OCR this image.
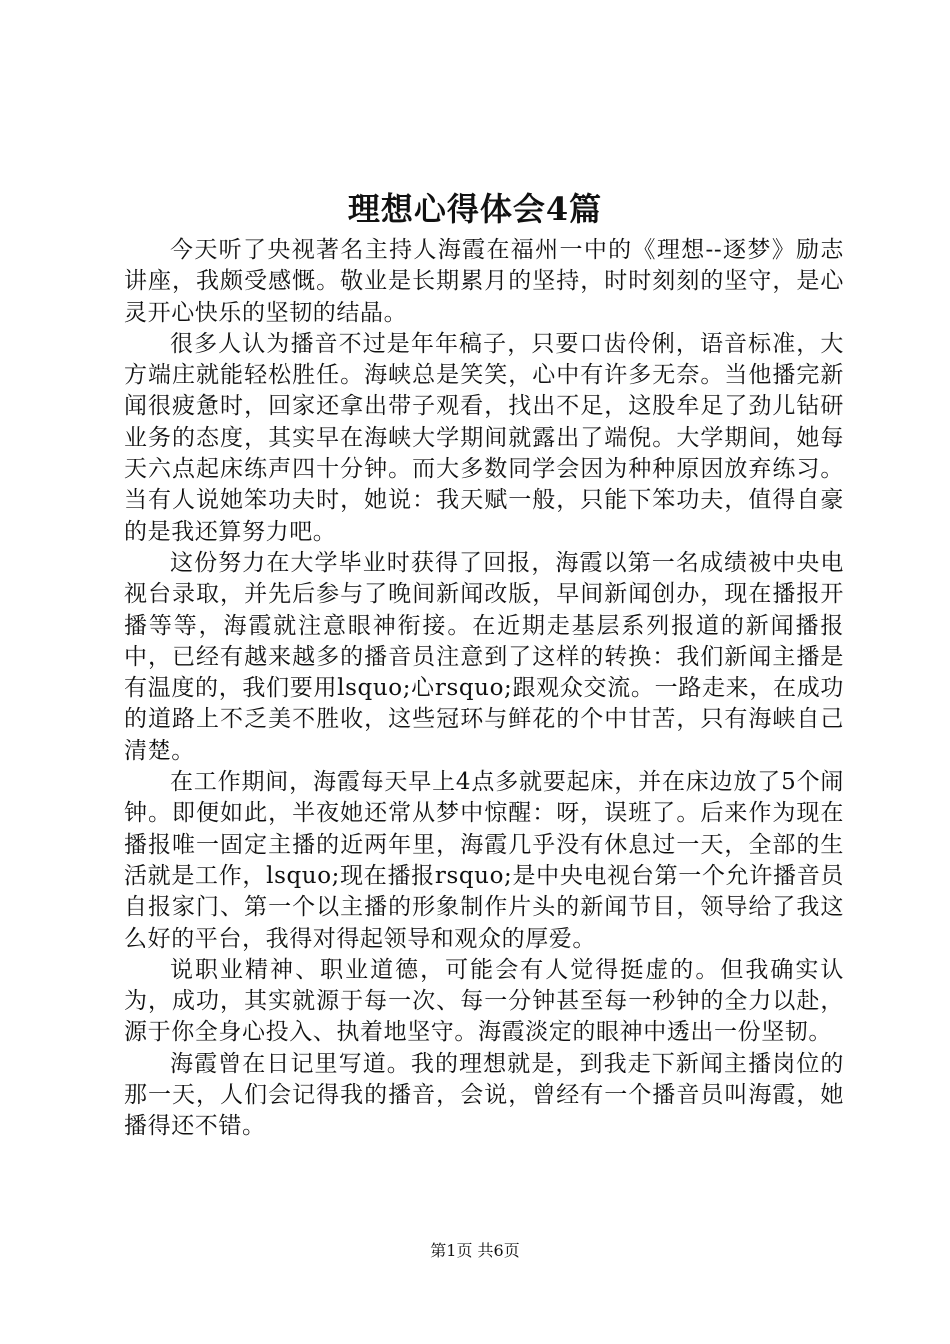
理想心得体会4篇

今天听了央视著名主持人海霞在福州一中的《理想--逐梦》励志讲座，我颇受感慨。敬业是长期累月的坚持，时时刻刻的坚守，是心灵开心快乐的坚韧的结晶。

很多人认为播音不过是年年稿子，只要口齿伶俐，语音标准，大方端庄就能轻松胜任。海峡总是笑笑，心中有许多无奈。当他播完新闻很疲惫时，回家还拿出带子观看，找出不足，这股牟足了劲儿钻研业务的态度，其实早在海峡大学期间就露出了端倪。大学期间，她每天六点起床练声四十分钟。而大多数同学会因为种种原因放弃练习。当有人说她笨功夫时，她说：我天赋一般，只能下笨功夫，值得自豪的是我还算努力吧。

这份努力在大学毕业时获得了回报，海霞以第一名成绩被中央电视台录取，并先后参与了晚间新闻改版，早间新闻创办，现在播报开播等等，海霞就注意眼神衔接。在近期走基层系列报道的新闻播报中，已经有越来越多的播音员注意到了这样的转换：我们新闻主播是有温度的，我们要用lsquo;心rsquo;跟观众交流。一路走来，在成功的道路上不乏美不胜收，这些冠环与鲜花的个中甘苦，只有海峡自己清楚。

在工作期间，海霞每天早上4点多就要起床，并在床边放了5个闹钟。即便如此，半夜她还常从梦中惊醒：呀，误班了。后来作为现在播报唯一固定主播的近两年里，海霞几乎没有休息过一天，全部的生活就是工作，lsquo;现在播报rsquo;是中央电视台第一个允许播音员自报家门、第一个以主播的形象制作片头的新闻节目，领导给了我这么好的平台，我得对得起领导和观众的厚爱。

说职业精神、职业道德，可能会有人觉得挺虚的。但我确实认为，成功，其实就源于每一次、每一分钟甚至每一秒钟的全力以赴，源于你全身心投入、执着地坚守。海霞淡定的眼神中透出一份坚韧。

海霞曾在日记里写道。我的理想就是，到我走下新闻主播岗位的那一天，人们会记得我的播音，会说，曾经有一个播音员叫海霞，她播得还不错。

第1页 共6页
